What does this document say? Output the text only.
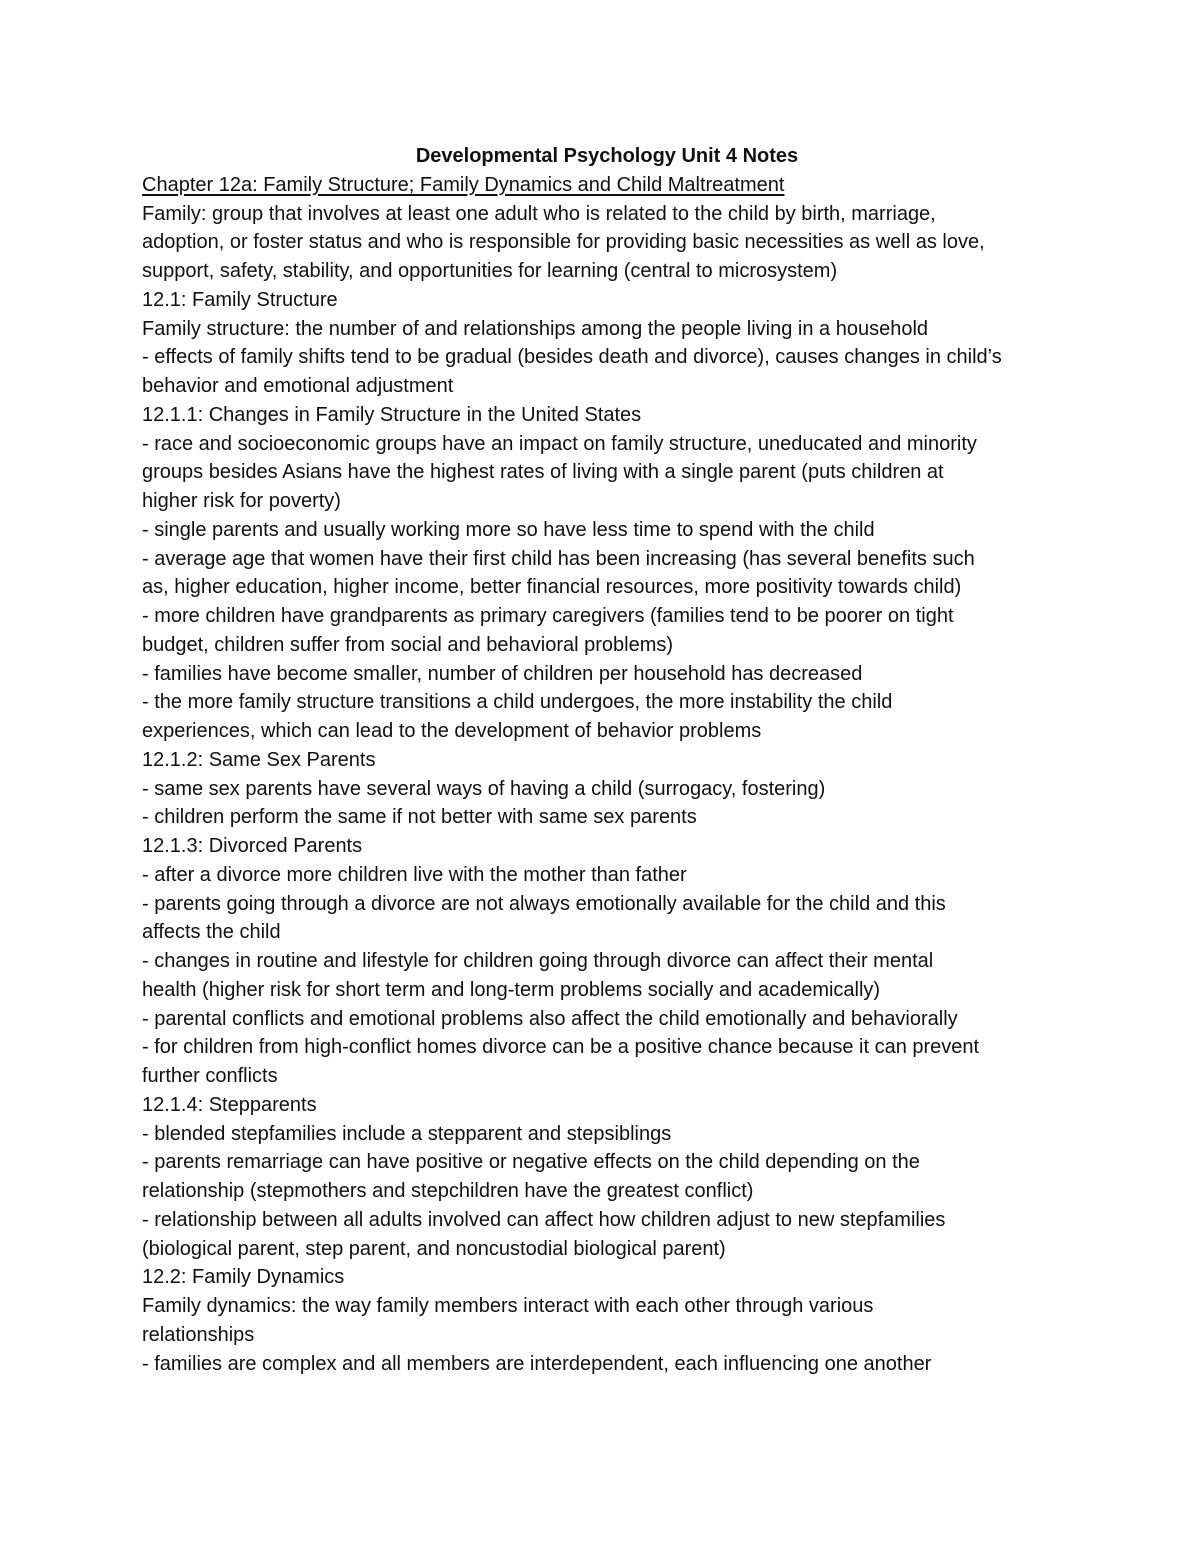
Developmental Psychology Unit 4 Notes

Chapter 12a: Family Structure; Family Dynamics and Child Maltreatment

Family: group that involves at least one adult who is related to the child by birth, marriage,

adoption, or foster status and who is responsible for providing basic necessities as well as love,

support, safety, stability, and opportunities for learning (central to microsystem)

12.1: Family Structure

Family structure: the number of and relationships among the people living in a household

- effects of family shifts tend to be gradual (besides death and divorce), causes changes in child’s

behavior and emotional adjustment

12.1.1: Changes in Family Structure in the United States

- race and socioeconomic groups have an impact on family structure, uneducated and minority

groups besides Asians have the highest rates of living with a single parent (puts children at

higher risk for poverty)

- single parents and usually working more so have less time to spend with the child

- average age that women have their first child has been increasing (has several benefits such

as, higher education, higher income, better financial resources, more positivity towards child)

- more children have grandparents as primary caregivers (families tend to be poorer on tight

budget, children suffer from social and behavioral problems)

- families have become smaller, number of children per household has decreased

- the more family structure transitions a child undergoes, the more instability the child

experiences, which can lead to the development of behavior problems

12.1.2: Same Sex Parents

- same sex parents have several ways of having a child (surrogacy, fostering)

- children perform the same if not better with same sex parents

12.1.3: Divorced Parents

- after a divorce more children live with the mother than father

- parents going through a divorce are not always emotionally available for the child and this

affects the child

- changes in routine and lifestyle for children going through divorce can affect their mental

health (higher risk for short term and long-term problems socially and academically)

- parental conflicts and emotional problems also affect the child emotionally and behaviorally

- for children from high-conflict homes divorce can be a positive chance because it can prevent

further conflicts

12.1.4: Stepparents

- blended stepfamilies include a stepparent and stepsiblings

- parents remarriage can have positive or negative effects on the child depending on the

relationship (stepmothers and stepchildren have the greatest conflict)

- relationship between all adults involved can affect how children adjust to new stepfamilies

(biological parent, step parent, and noncustodial biological parent)

12.2: Family Dynamics

Family dynamics: the way family members interact with each other through various

relationships

- families are complex and all members are interdependent, each influencing one another
